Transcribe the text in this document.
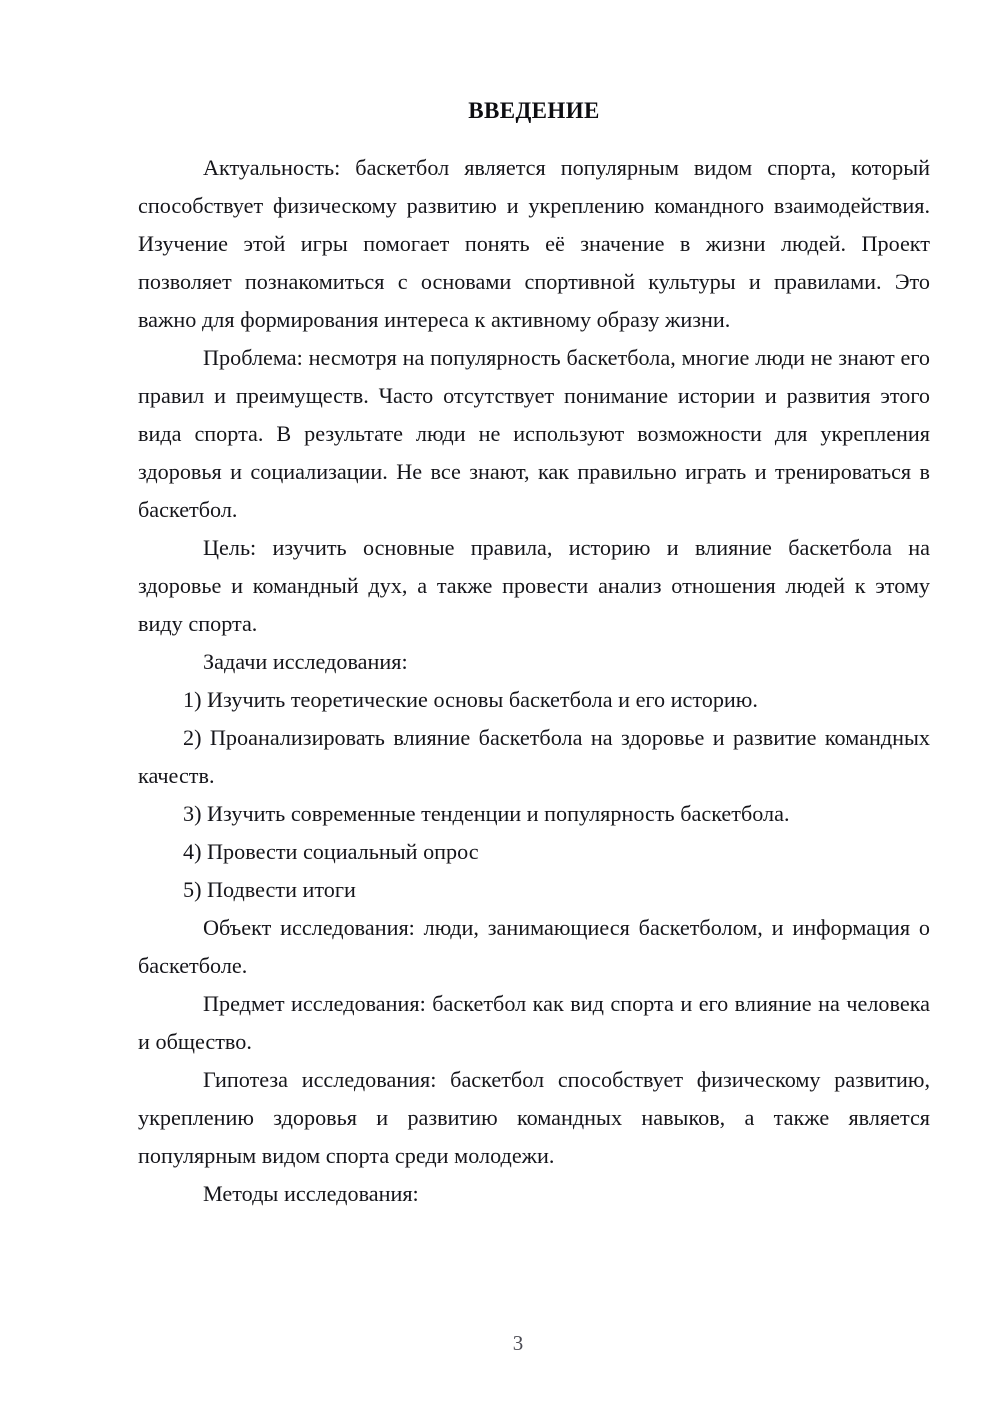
ВВЕДЕНИЕ

Актуальность: баскетбол является популярным видом спорта, который способствует физическому развитию и укреплению командного взаимодействия. Изучение этой игры помогает понять её значение в жизни людей. Проект позволяет познакомиться с основами спортивной культуры и правилами. Это важно для формирования интереса к активному образу жизни.

Проблема: несмотря на популярность баскетбола, многие люди не знают его правил и преимуществ. Часто отсутствует понимание истории и развития этого вида спорта. В результате люди не используют возможности для укрепления здоровья и социализации. Не все знают, как правильно играть и тренироваться в баскетбол.

Цель: изучить основные правила, историю и влияние баскетбола на здоровье и командный дух, а также провести анализ отношения людей к этому виду спорта.

Задачи исследования:

1) Изучить теоретические основы баскетбола и его историю.

2) Проанализировать влияние баскетбола на здоровье и развитие командных качеств.

3) Изучить современные тенденции и популярность баскетбола.

4) Провести социальный опрос

5) Подвести итоги

Объект исследования: люди, занимающиеся баскетболом, и информация о баскетболе.

Предмет исследования: баскетбол как вид спорта и его влияние на человека и общество.

Гипотеза исследования: баскетбол способствует физическому развитию, укреплению здоровья и развитию командных навыков, а также является популярным видом спорта среди молодежи.

Методы исследования:

3
